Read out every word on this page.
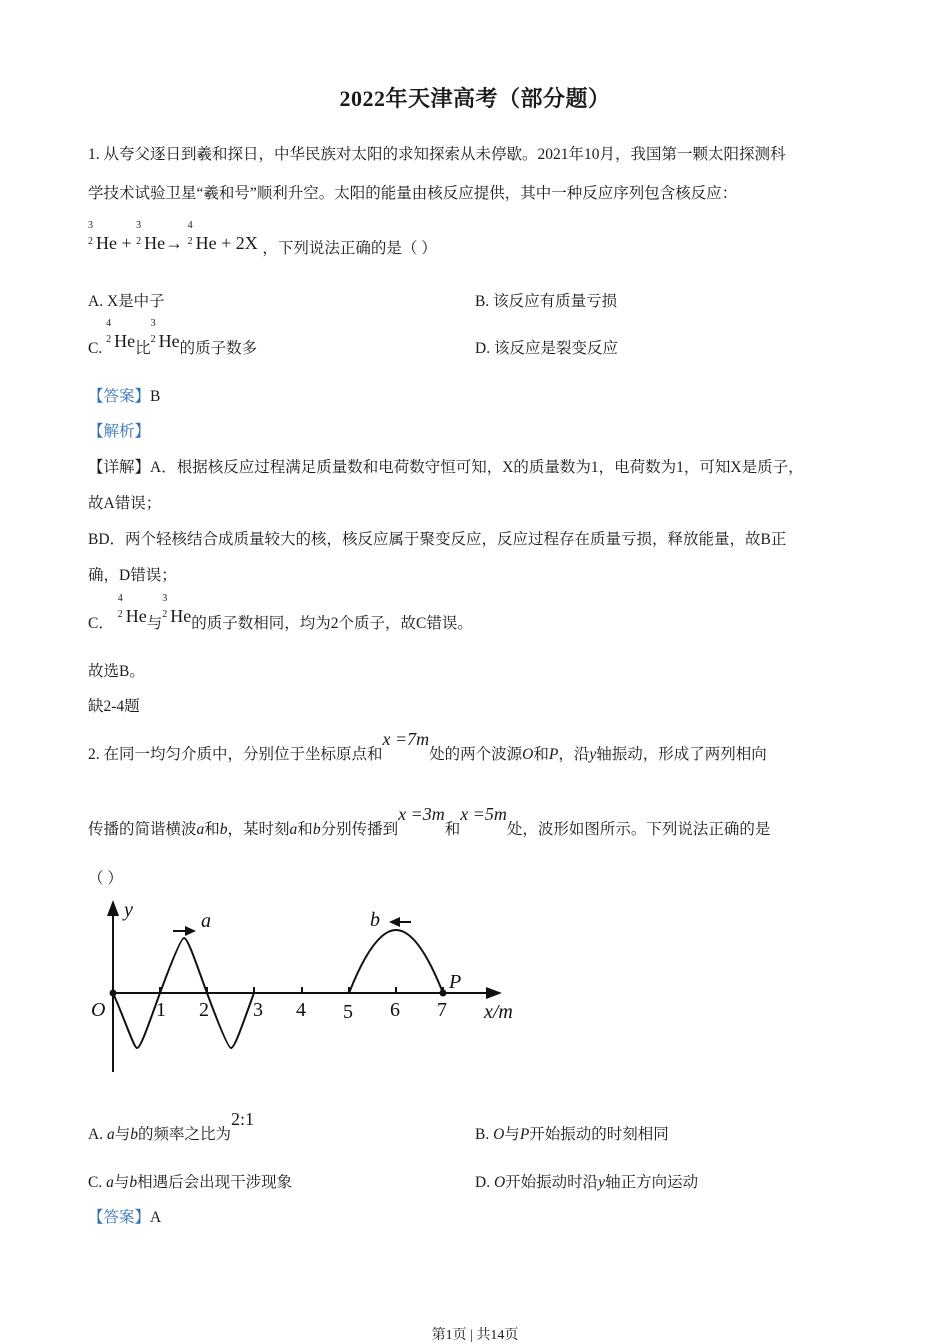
2022年天津高考（部分题）
1. 从夸父逐日到羲和探日，中华民族对太阳的求知探索从未停歇。2021年10月，我国第一颗太阳探测科
学技术试验卫星“羲和号”顺利升空。太阳的能量由核反应提供，其中一种反应序列包含核反应：
3
2 He +
3
2 He→
4
2 He + 2X ，下列说法正确的是（ ）
A. X是中子	B. 该反应有质量亏损
C.
4
2 He比
3
2 He的质子数多	D. 该反应是裂变反应
【答案】B
【解析】
【详解】A．根据核反应过程满足质量数和电荷数守恒可知，X的质量数为1，电荷数为1，可知X是质子，
故A错误；
BD．两个轻核结合成质量较大的核，核反应属于聚变反应，反应过程存在质量亏损，释放能量，故B正
确，D错误；
C．
4
2 He与
3
2 He的质子数相同，均为2个质子，故C错误。
故选B。
缺2-4题
2. 在同一均匀介质中，分别位于坐标原点和x =7m处的两个波源O和P，沿y轴振动，形成了两列相向
传播的简谐横波a和b，某时刻a和b分别传播到x =3m和x =5m处，波形如图所示。下列说法正确的是
（ ）
y	a	b
P
O	1 2 3 4 5 6 7 x/m
A. a与b的频率之比为2:1
B. O与P开始振动的时刻相同
C. a与b相遇后会出现干涉现象	D. O开始振动时沿y轴正方向运动
【答案】A
第1页 | 共14页
